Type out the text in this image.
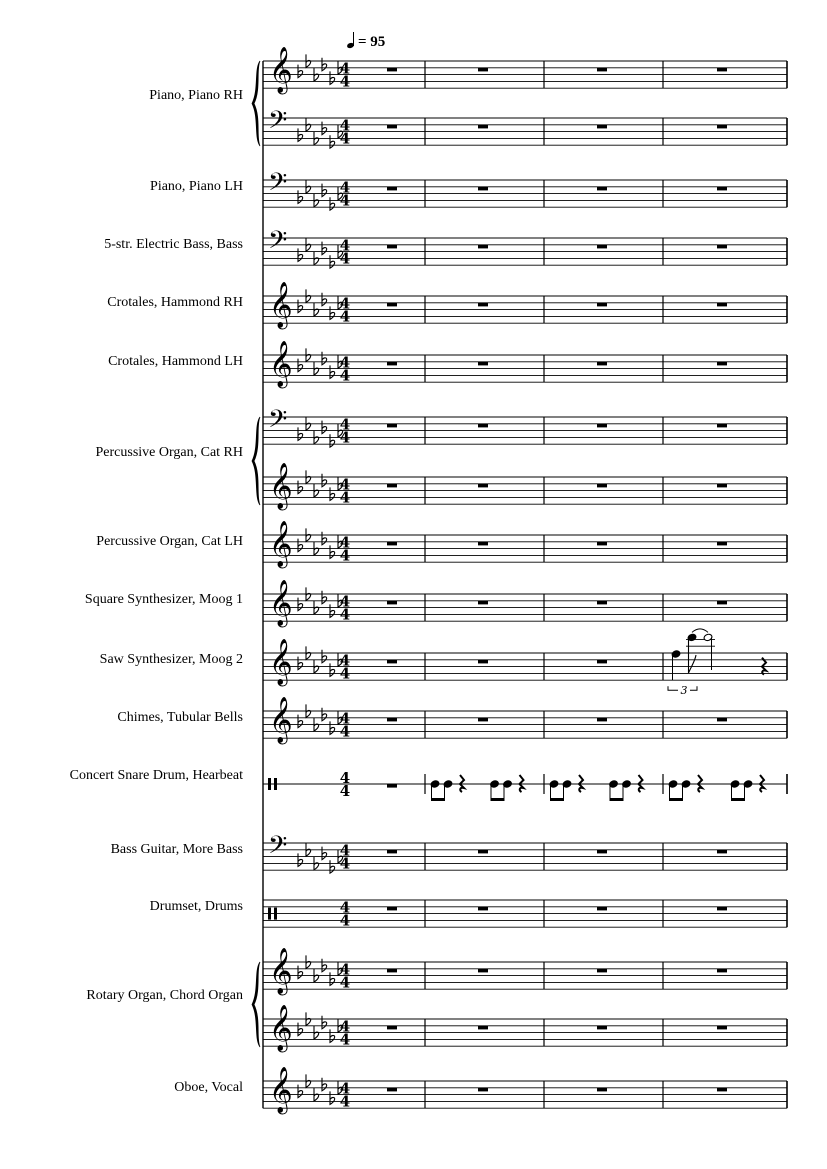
= 95
Piano, Piano RH
Piano, Piano LH
5-str. Electric Bass, Bass
Crotales, Hammond RH
Crotales, Hammond LH
Percussive Organ, Cat RH
Percussive Organ, Cat LH
Square Synthesizer, Moog 1
Saw Synthesizer, Moog 2
Chimes, Tubular Bells
Concert Snare Drum, Hearbeat
Bass Guitar, More Bass
Drumset, Drums
Rotary Organ, Chord Organ
Oboe, Vocal
𝄞	4
4
𝄢	4
4
𝄢	4
4
𝄢	4
4
𝄞	4
4
𝄞	4
4
𝄢	4
4
𝄞	4
4
𝄞	4
4
𝄞	4
4
𝄞	4
4
3
𝄞	4
4
4
4
𝄢	4
4
4
4
𝄞	4
4
𝄞	4
4
𝄞	4
4
